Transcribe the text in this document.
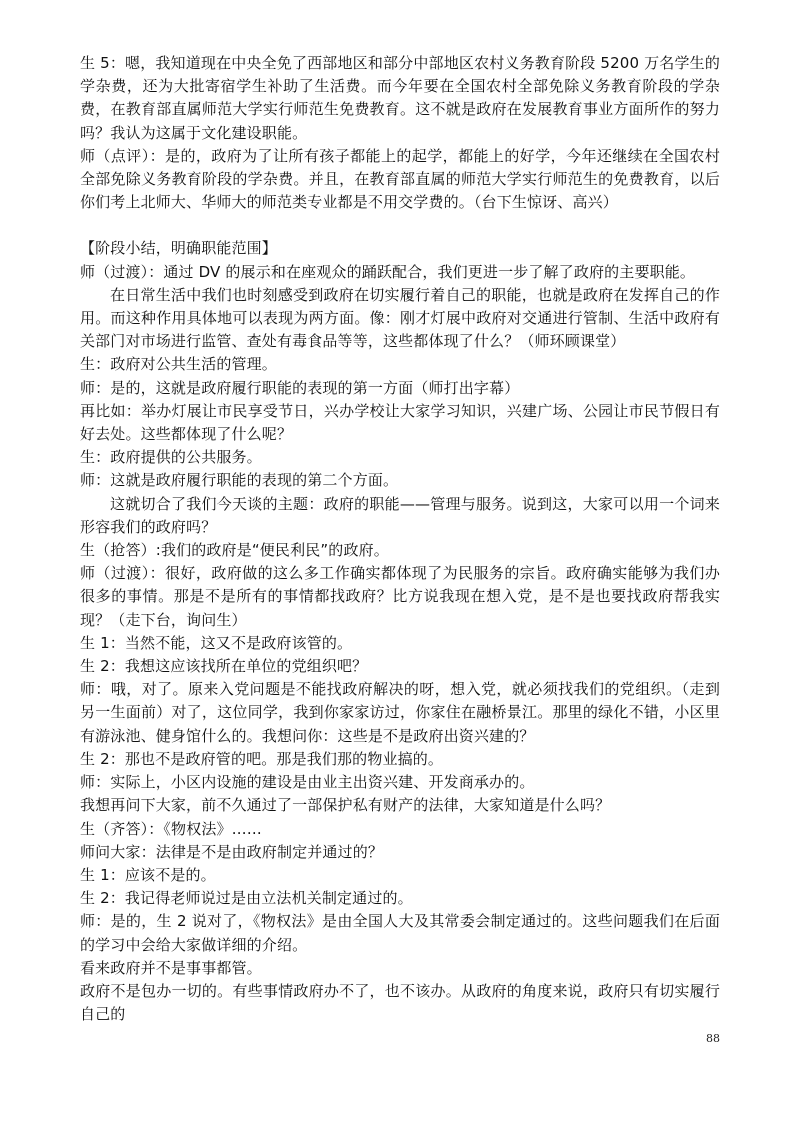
生 5：嗯，我知道现在中央全免了西部地区和部分中部地区农村义务教育阶段 5200 万名学生的学杂费，还为大批寄宿学生补助了生活费。而今年要在全国农村全部免除义务教育阶段的学杂费，在教育部直属师范大学实行师范生免费教育。这不就是政府在发展教育事业方面所作的努力吗？我认为这属于文化建设职能。

师（点评）：是的，政府为了让所有孩子都能上的起学，都能上的好学，今年还继续在全国农村全部免除义务教育阶段的学杂费。并且，在教育部直属的师范大学实行师范生的免费教育，以后你们考上北师大、华师大的师范类专业都是不用交学费的。（台下生惊讶、高兴）

【阶段小结，明确职能范围】

师（过渡）：通过 DV 的展示和在座观众的踊跃配合，我们更进一步了解了政府的主要职能。

在日常生活中我们也时刻感受到政府在切实履行着自己的职能，也就是政府在发挥自己的作用。而这种作用具体地可以表现为两方面。像：刚才灯展中政府对交通进行管制、生活中政府有关部门对市场进行监管、查处有毒食品等等，这些都体现了什么？（师环顾课堂）

生：政府对公共生活的管理。

师：是的，这就是政府履行职能的表现的第一方面（师打出字幕）

再比如：举办灯展让市民享受节日，兴办学校让大家学习知识，兴建广场、公园让市民节假日有好去处。这些都体现了什么呢？

生：政府提供的公共服务。

师：这就是政府履行职能的表现的第二个方面。

这就切合了我们今天谈的主题：政府的职能——管理与服务。说到这，大家可以用一个词来形容我们的政府吗？

生（抢答）:我们的政府是“便民利民”的政府。

师（过渡）：很好，政府做的这么多工作确实都体现了为民服务的宗旨。政府确实能够为我们办很多的事情。那是不是所有的事情都找政府？比方说我现在想入党，是不是也要找政府帮我实现？（走下台，询问生）

生 1：当然不能，这又不是政府该管的。

生 2：我想这应该找所在单位的党组织吧？

师：哦，对了。原来入党问题是不能找政府解决的呀，想入党，就必须找我们的党组织。（走到另一生面前）对了，这位同学，我到你家家访过，你家住在融桥景江。那里的绿化不错，小区里有游泳池、健身馆什么的。我想问你：这些是不是政府出资兴建的？

生 2：那也不是政府管的吧。那是我们那的物业搞的。

师：实际上，小区内设施的建设是由业主出资兴建、开发商承办的。

我想再问下大家，前不久通过了一部保护私有财产的法律，大家知道是什么吗？

生（齐答）：《物权法》……

师问大家：法律是不是由政府制定并通过的？

生 1：应该不是的。

生 2：我记得老师说过是由立法机关制定通过的。

师：是的，生 2 说对了，《物权法》是由全国人大及其常委会制定通过的。这些问题我们在后面的学习中会给大家做详细的介绍。

看来政府并不是事事都管。

政府不是包办一切的。有些事情政府办不了，也不该办。从政府的角度来说，政府只有切实履行自己的

88
